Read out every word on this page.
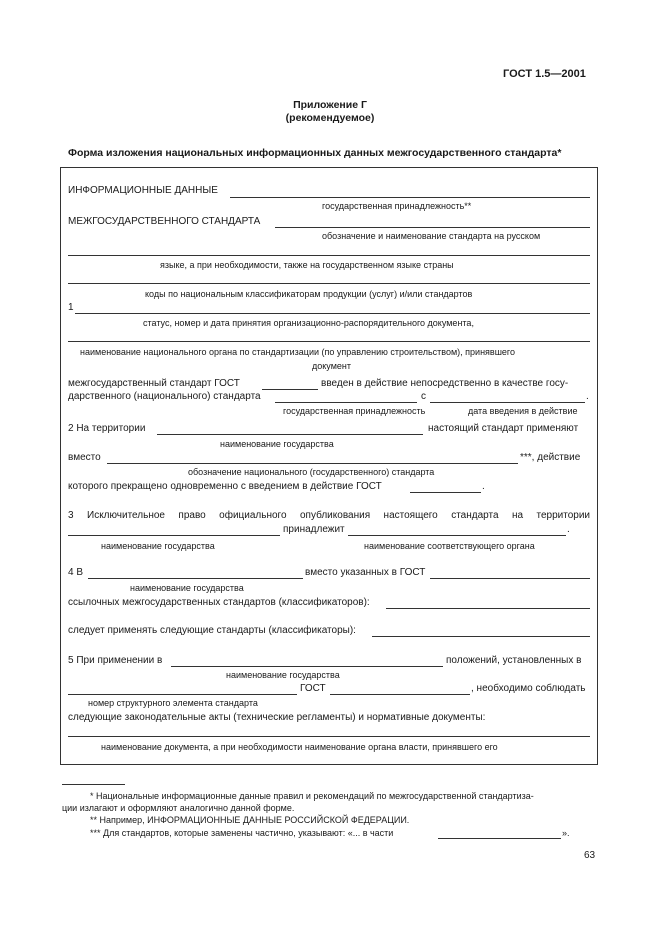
ГОСТ 1.5—2001
Приложение Г
(рекомендуемое)
Форма изложения национальных информационных данных межгосударственного стандарта*
ИНФОРМАЦИОННЫЕ ДАННЫЕ
государственная принадлежность**
МЕЖГОСУДАРСТВЕННОГО СТАНДАРТА
обозначение и наименование стандарта на русском
языке, а при необходимости, также на государственном языке страны
коды по национальным классификаторам продукции (услуг) и/или стандартов
1
статус, номер и дата принятия организационно-распорядительного документа,
наименование национального органа по стандартизации (по управлению строительством), принявшего
документ
межгосударственный стандарт ГОСТ	введен в действие непосредственно в качестве госу-
дарственного (национального) стандарта	с	.
государственная принадлежность	дата введения в действие
2 На территории	настоящий стандарт применяют
наименование государства
вместо	***, действие
обозначение национального (государственного) стандарта
которого прекращено одновременно с введением в действие ГОСТ	.
3 Исключительное право официального опубликования настоящего стандарта на территории
принадлежит	.
наименование государства	наименование соответствующего органа
4 В	вместо указанных в ГОСТ
наименование государства
ссылочных межгосударственных стандартов (классификаторов):
следует применять следующие стандарты (классификаторы):
5 При применении в	положений, установленных в
наименование государства
ГОСТ	, необходимо соблюдать
номер структурного элемента стандарта
следующие законодательные акты (технические регламенты) и нормативные документы:
наименование документа, а при необходимости наименование органа власти, принявшего его
* Национальные информационные данные правил и рекомендаций по межгосударственной стандартиза-
ции излагают и оформляют аналогично данной форме.
** Например, ИНФОРМАЦИОННЫЕ ДАННЫЕ РОССИЙСКОЙ ФЕДЕРАЦИИ.
*** Для стандартов, которые заменены частично, указывают: «... в части	».
63
